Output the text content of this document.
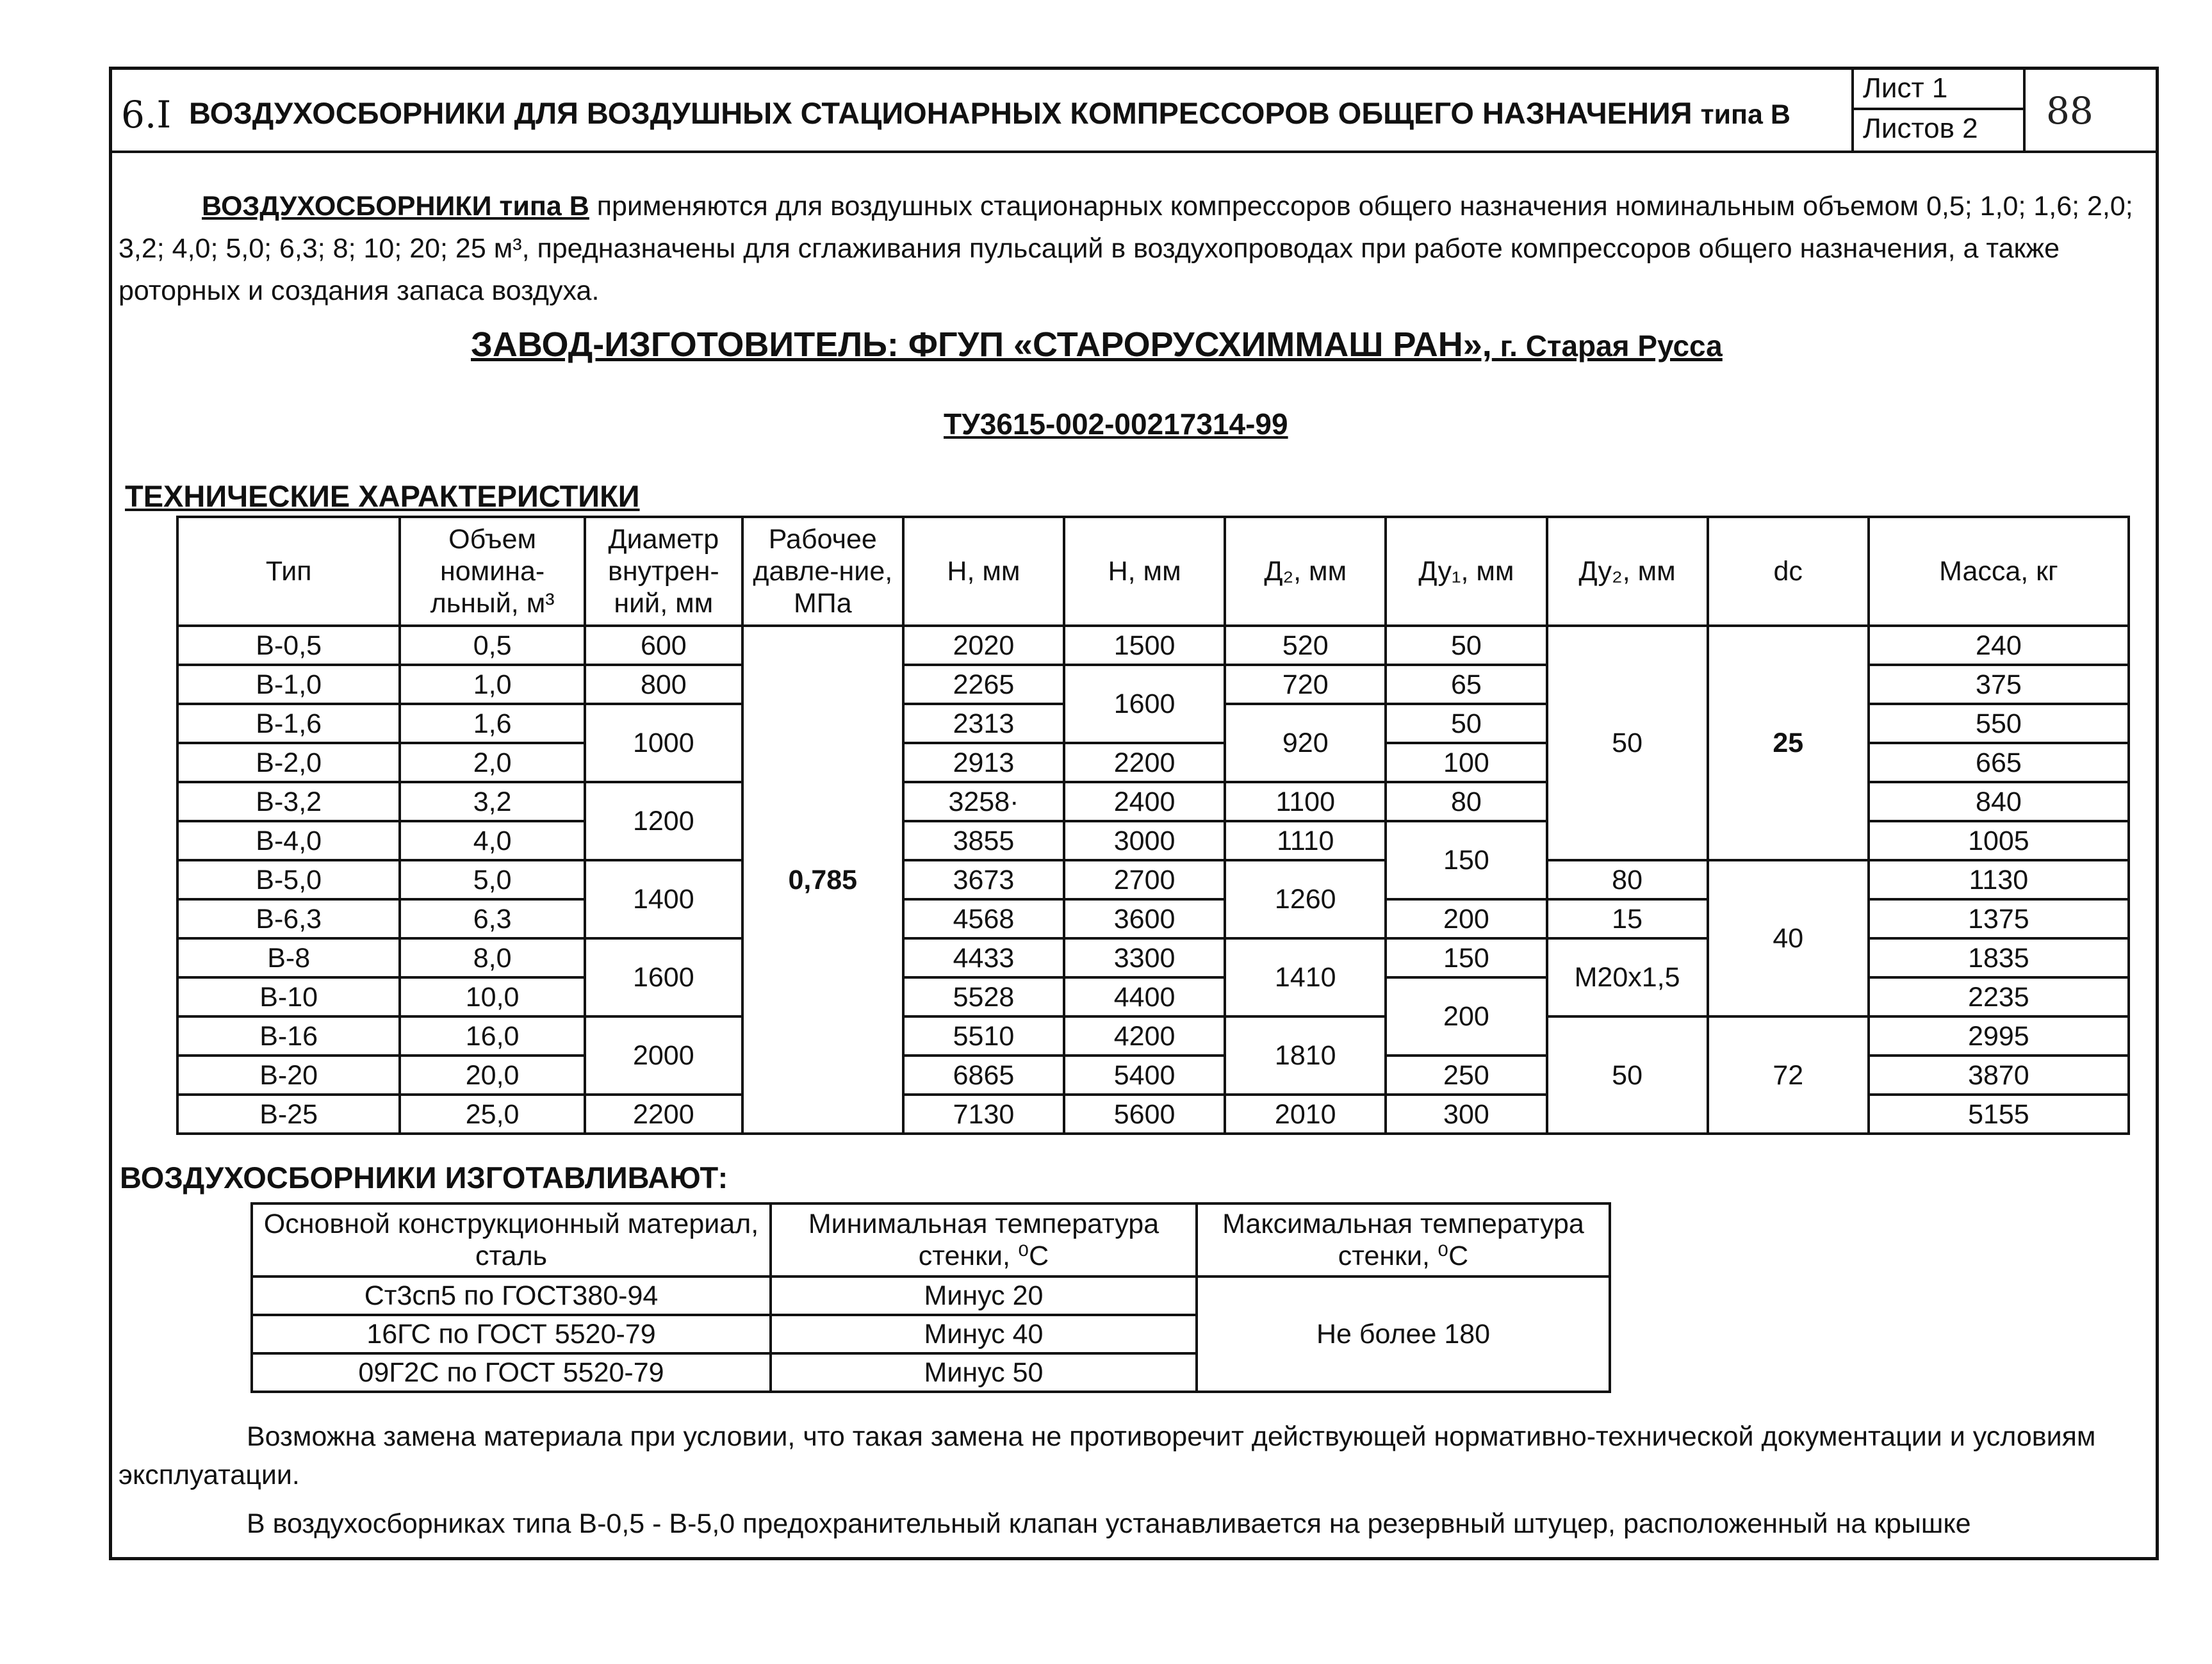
6.I ВОЗДУХОСБОРНИКИ ДЛЯ ВОЗДУШНЫХ СТАЦИОНАРНЫХ КОМПРЕССОРОВ ОБЩЕГО НАЗНАЧЕНИЯ типа В
Лист 1
Листов 2	88

ВОЗДУХОСБОРНИКИ типа В применяются для воздушных стационарных компрессоров общего назначения номинальным объемом 0,5; 1,0; 1,6; 2,0; 3,2; 4,0; 5,0; 6,3; 8; 10; 20; 25 м³, предназначены для сглаживания пульсаций в воздухопроводах при работе компрессоров общего назначения, а также роторных и создания запаса воздуха.

ЗАВОД-ИЗГОТОВИТЕЛЬ: ФГУП «СТАРОРУСХИММАШ РАН», г. Старая Русса
ТУ3615-002-00217314-99
ТЕХНИЧЕСКИЕ ХАРАКТЕРИСТИКИ
Тип	Объем номина-льный, м³	Диаметр внутрен-ний, мм	Рабочее давле-ние, МПа	H, мм	H, мм	Д₂, мм	Ду₁, мм	Ду₂, мм	dc	Масса, кг
В-0,5	0,5	600	0,785	2020	1500	520	50	50	25	240
В-1,0	1,0	800		2265	1600	720	65			375
В-1,6	1,6	1000		2313		920	50			550
В-2,0	2,0			2913	2200		100			665
В-3,2	3,2	1200		3258·	2400	1100	80			840
В-4,0	4,0			3855	3000	1110	150			1005
В-5,0	5,0	1400		3673	2700	1260		80	40	1130
В-6,3	6,3			4568	3600		200	15		1375
В-8	8,0	1600		4433	3300	1410	150	М20х1,5		1835
В-10	10,0			5528	4400		200			2235
В-16	16,0	2000		5510	4200	1810		50	72	2995
В-20	20,0			6865	5400		250			3870
В-25	25,0	2200		7130	5600	2010	300			5155
ВОЗДУХОСБОРНИКИ ИЗГОТАВЛИВАЮТ:
Основной конструкционный материал, сталь	Минимальная температура стенки, ⁰С	Максимальная температура стенки, ⁰С
Ст3сп5 по ГОСТ380-94	Минус 20	Не более 180
16ГС по ГОСТ 5520-79	Минус 40	
09Г2С по ГОСТ 5520-79	Минус 50	

Возможна замена материала при условии, что такая замена не противоречит действующей нормативно-технической документации и условиям эксплуатации.

В воздухосборниках типа В-0,5 - В-5,0 предохранительный клапан устанавливается на резервный штуцер, расположенный на крышке
